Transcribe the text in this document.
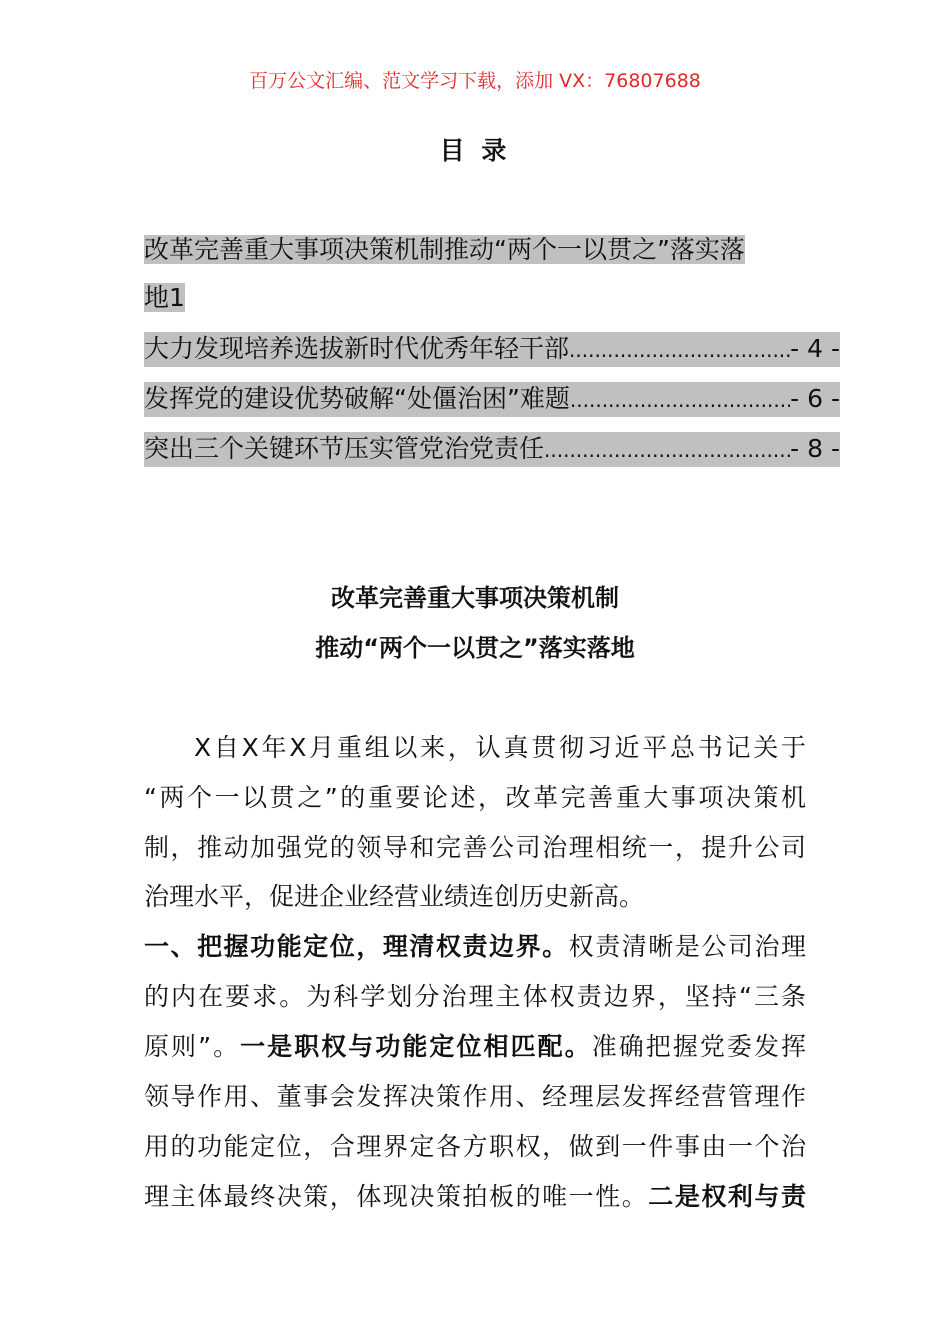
百万公文汇编、范文学习下载，添加 VX：76807688
目 录
改革完善重大事项决策机制推动“两个一以贯之”落实落
地1
大力发现培养选拔新时代优秀年轻干部 .....	- 4 -
发挥党的建设优势破解“处僵治困”难题 .....	- 6 -
突出三个关键环节压实管党治党责任 .....	- 8 -
改革完善重大事项决策机制
推动“两个一以贯之”落实落地
X自X年X月重组以来，认真贯彻习近平总书记关于
“两个一以贯之”的重要论述，改革完善重大事项决策机
制，推动加强党的领导和完善公司治理相统一，提升公司
治理水平，促进企业经营业绩连创历史新高。
一、把握功能定位，理清权责边界。权责清晰是公司治理
的内在要求。为科学划分治理主体权责边界，坚持“三条
原则”。一是职权与功能定位相匹配。准确把握党委发挥
领导作用、董事会发挥决策作用、经理层发挥经营管理作
用的功能定位，合理界定各方职权，做到一件事由一个治
理主体最终决策，体现决策拍板的唯一性。二是权利与责
